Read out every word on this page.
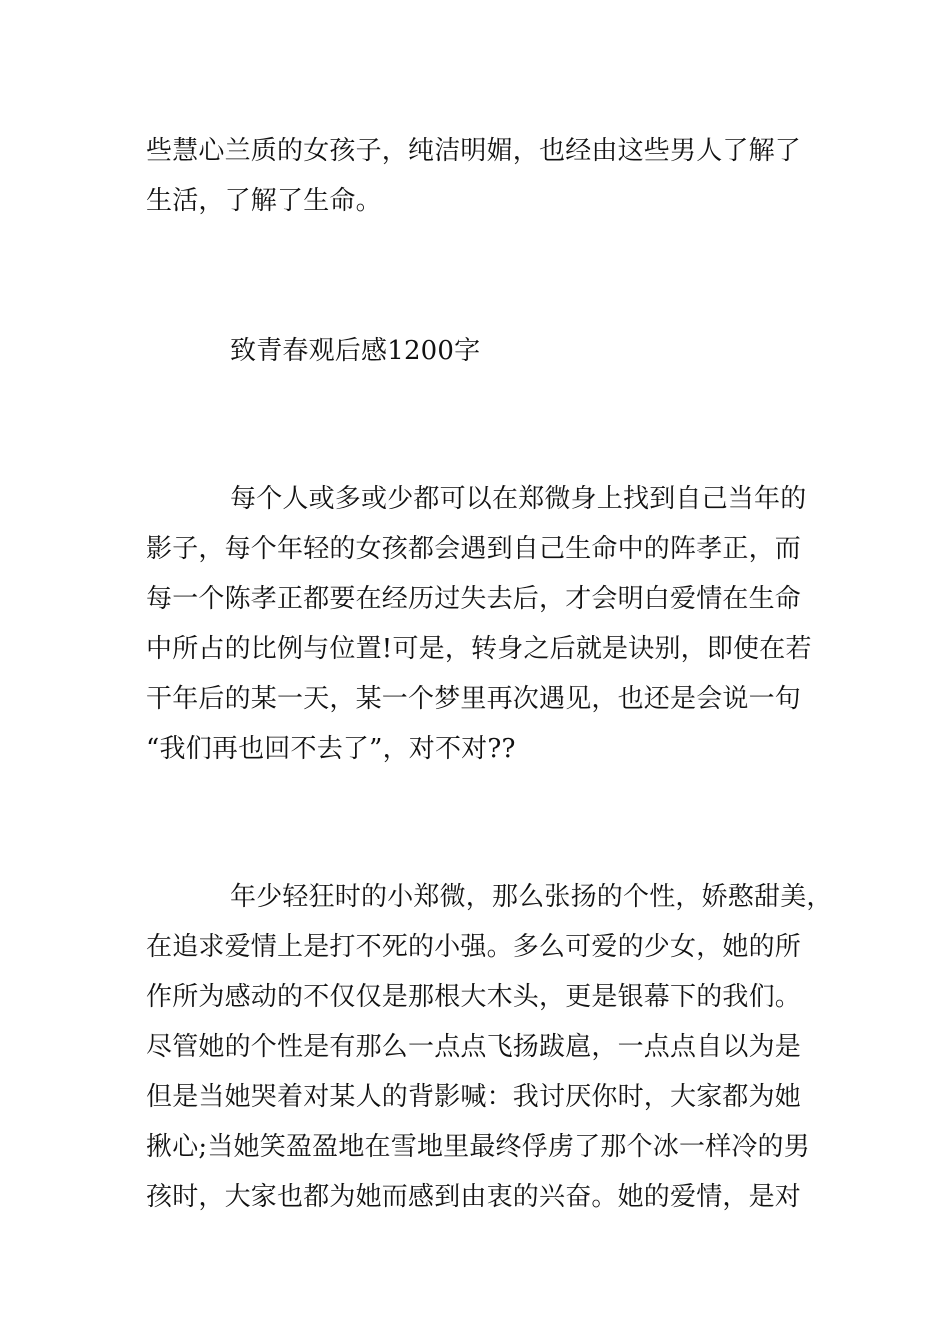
些慧心兰质的女孩子，纯洁明媚，也经由这些男人了解了
生活，了解了生命。
致青春观后感1200字
每个人或多或少都可以在郑微身上找到自己当年的
影子，每个年轻的女孩都会遇到自己生命中的阵孝正，而
每一个陈孝正都要在经历过失去后，才会明白爱情在生命
中所占的比例与位置!可是，转身之后就是诀别，即使在若
干年后的某一天，某一个梦里再次遇见，也还是会说一句
“我们再也回不去了”，对不对??
年少轻狂时的小郑微，那么张扬的个性，娇憨甜美，
在追求爱情上是打不死的小强。多么可爱的少女，她的所
作所为感动的不仅仅是那根大木头，更是银幕下的我们。
尽管她的个性是有那么一点点飞扬跋扈，一点点自以为是
但是当她哭着对某人的背影喊：我讨厌你时，大家都为她
揪心;当她笑盈盈地在雪地里最终俘虏了那个冰一样冷的男
孩时，大家也都为她而感到由衷的兴奋。她的爱情，是对
